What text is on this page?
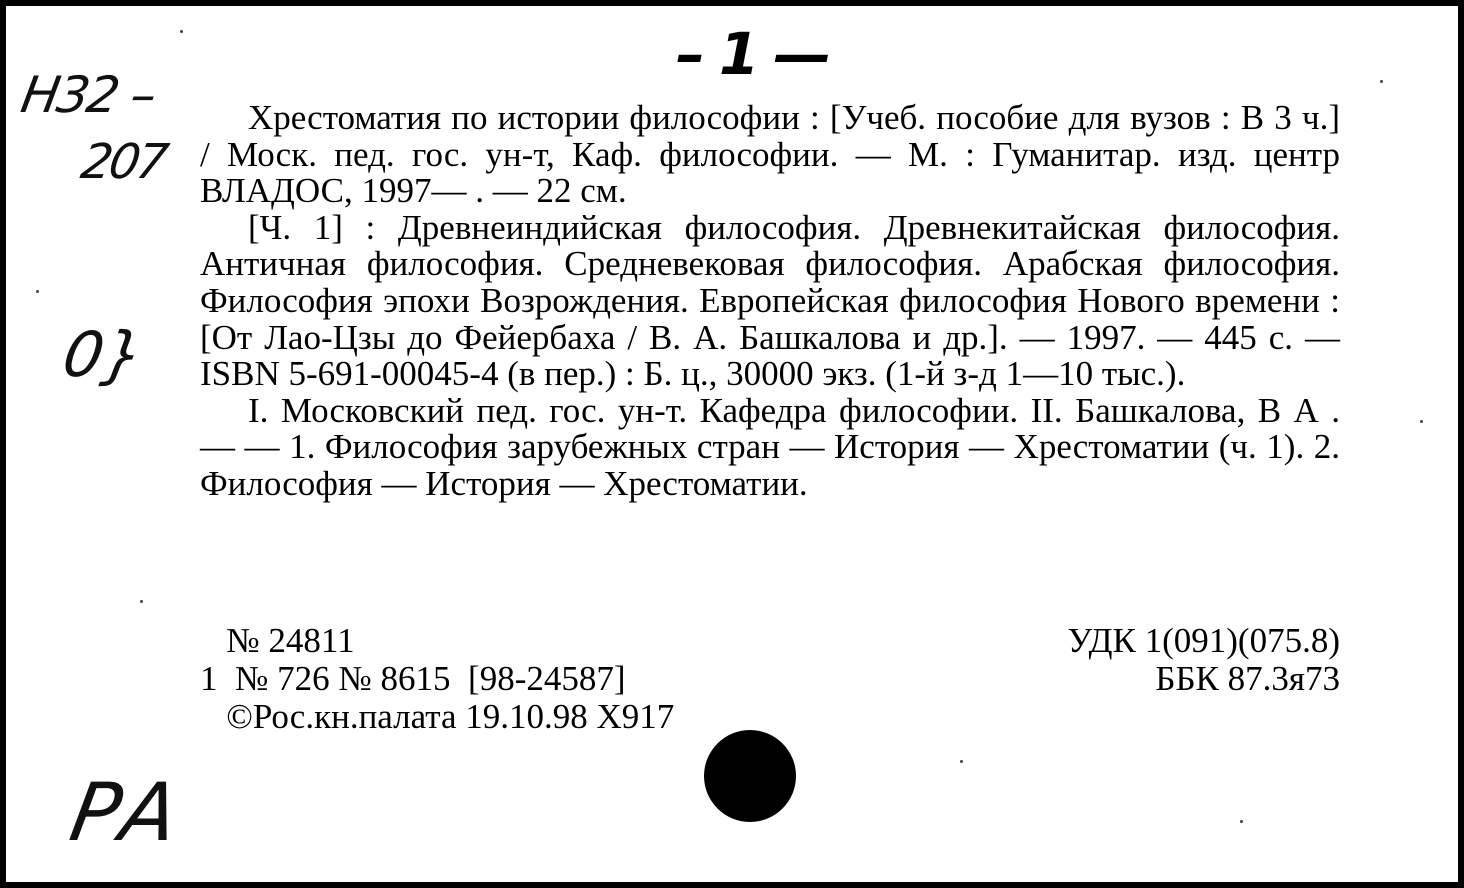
Н32 –
207
0}
РА
–1—

Хрестоматия по истории философии : [Учеб. пособие для вузов : В 3 ч.] / Моск. пед. гос. ун-т, Каф. философии. — М. : Гуманитар. изд. центр ВЛАДОС, 1997— . — 22 см.

[Ч. 1] : Древнеиндийская философия. Древнекитайская философия. Античная философия. Средневековая философия. Арабская философия. Философия эпохи Возрождения. Европейская философия Нового времени : [От Лао-Цзы до Фейербаха / В. А. Башкалова и др.]. — 1997. — 445 с. — ISBN 5-691-00045-4 (в пер.) : Б. ц., 30000 экз. (1-й з-д 1—10 тыс.).

I. Московский пед. гос. ун-т. Кафедра философии. II. Башкалова, В А . — — 1. Философия зарубежных стран — История — Хрестоматии (ч. 1). 2. Философия — История — Хрестоматии.

№ 24811
1  № 726 № 8615  [98-24587]
©Рос.кн.палата 19.10.98 Х917
УДК 1(091)(075.8)
ББК 87.3я73
